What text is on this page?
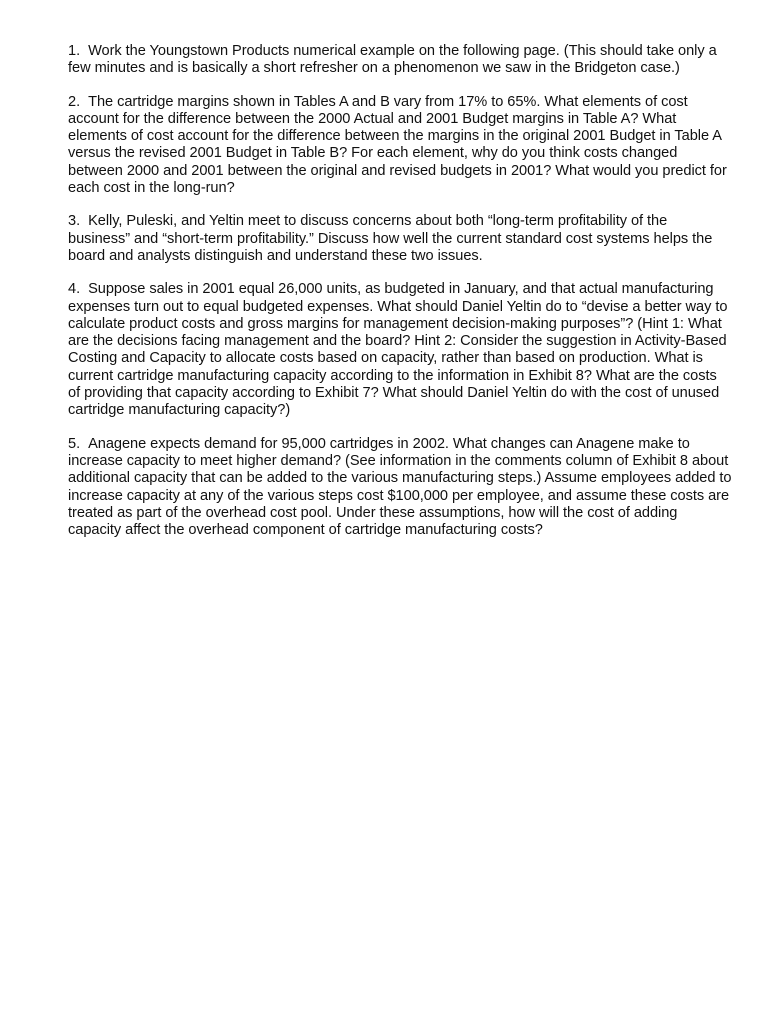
1. Work the Youngstown Products numerical example on the following page. (This should take only a few minutes and is basically a short refresher on a phenomenon we saw in the Bridgeton case.)

2. The cartridge margins shown in Tables A and B vary from 17% to 65%. What elements of cost account for the difference between the 2000 Actual and 2001 Budget margins in Table A? What elements of cost account for the difference between the margins in the original 2001 Budget in Table A versus the revised 2001 Budget in Table B? For each element, why do you think costs changed between 2000 and 2001 between the original and revised budgets in 2001? What would you predict for each cost in the long-run?

3. Kelly, Puleski, and Yeltin meet to discuss concerns about both “long-term profitability of the business” and “short-term profitability.” Discuss how well the current standard cost systems helps the board and analysts distinguish and understand these two issues.

4. Suppose sales in 2001 equal 26,000 units, as budgeted in January, and that actual manufacturing expenses turn out to equal budgeted expenses. What should Daniel Yeltin do to “devise a better way to calculate product costs and gross margins for management decision-making purposes”? (Hint 1: What are the decisions facing management and the board? Hint 2: Consider the suggestion in Activity-Based Costing and Capacity to allocate costs based on capacity, rather than based on production. What is current cartridge manufacturing capacity according to the information in Exhibit 8? What are the costs of providing that capacity according to Exhibit 7? What should Daniel Yeltin do with the cost of unused cartridge manufacturing capacity?)

5. Anagene expects demand for 95,000 cartridges in 2002. What changes can Anagene make to increase capacity to meet higher demand? (See information in the comments column of Exhibit 8 about additional capacity that can be added to the various manufacturing steps.) Assume employees added to increase capacity at any of the various steps cost $100,000 per employee, and assume these costs are treated as part of the overhead cost pool. Under these assumptions, how will the cost of adding capacity affect the overhead component of cartridge manufacturing costs?
